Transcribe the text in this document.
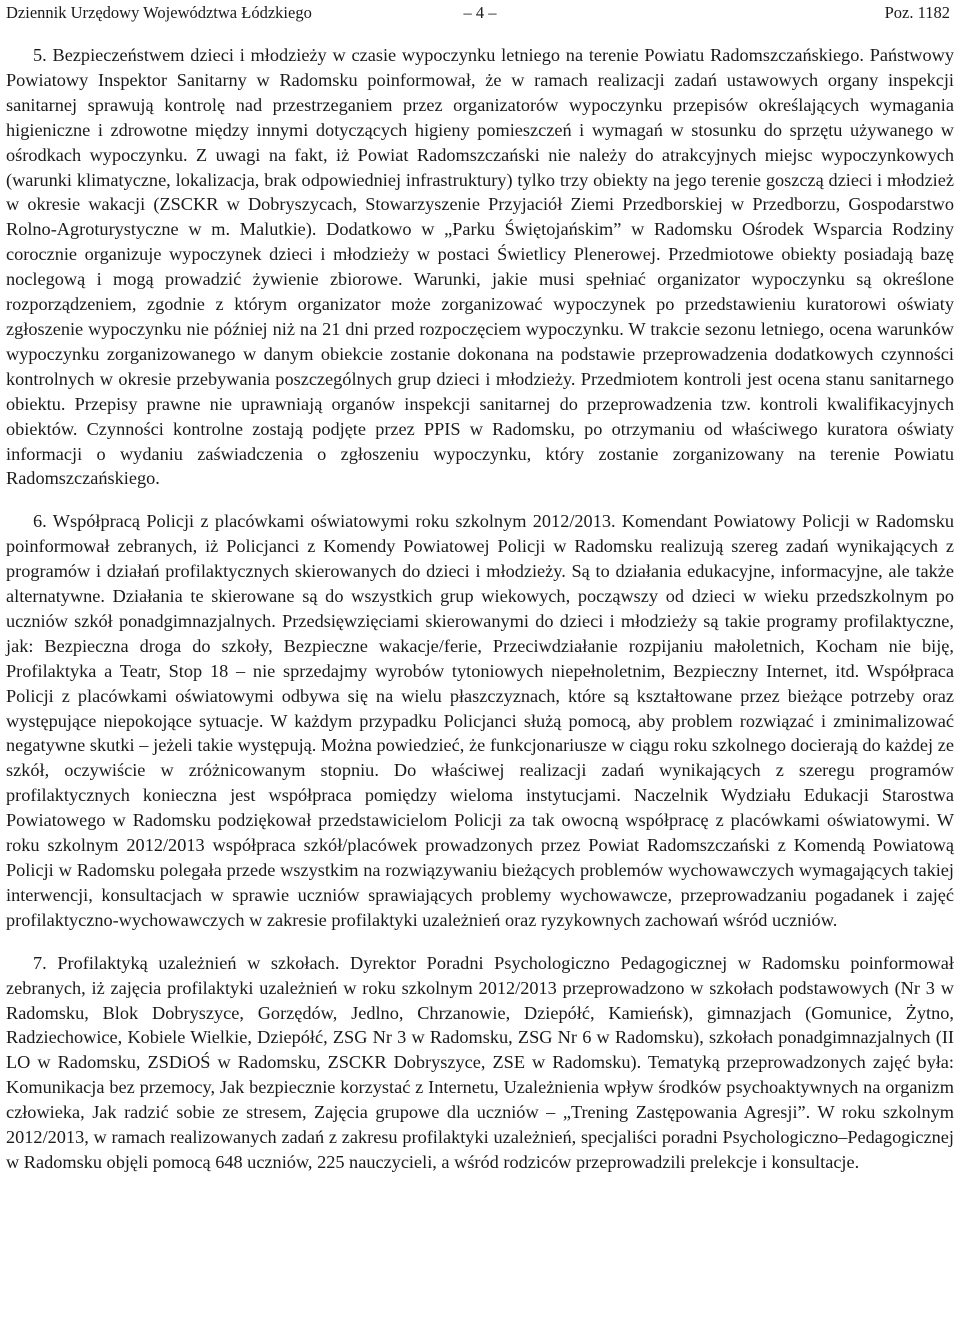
Dziennik Urzędowy Województwa Łódzkiego	– 4 –	Poz. 1182

5. Bezpieczeństwem dzieci i młodzieży w czasie wypoczynku letniego na terenie Powiatu Radomszczańskiego. Państwowy Powiatowy Inspektor Sanitarny w Radomsku poinformował, że w ramach realizacji zadań ustawowych organy inspekcji sanitarnej sprawują kontrolę nad przestrzeganiem przez organizatorów wypoczynku przepisów określających wymagania higieniczne i zdrowotne między innymi dotyczących higieny pomieszczeń i wymagań w stosunku do sprzętu używanego w ośrodkach wypoczynku. Z uwagi na fakt, iż Powiat Radomszczański nie należy do atrakcyjnych miejsc wypoczynkowych (warunki klimatyczne, lokalizacja, brak odpowiedniej infrastruktury) tylko trzy obiekty na jego terenie goszczą dzieci i młodzież w okresie wakacji (ZSCKR w Dobryszycach, Stowarzyszenie Przyjaciół Ziemi Przedborskiej w Przedborzu, Gospodarstwo Rolno-Agroturystyczne w m. Malutkie). Dodatkowo w „Parku Świętojańskim” w Radomsku Ośrodek Wsparcia Rodziny corocznie organizuje wypoczynek dzieci i młodzieży w postaci Świetlicy Plenerowej. Przedmiotowe obiekty posiadają bazę noclegową i mogą prowadzić żywienie zbiorowe. Warunki, jakie musi spełniać organizator wypoczynku są określone rozporządzeniem, zgodnie z którym organizator może zorganizować wypoczynek po przedstawieniu kuratorowi oświaty zgłoszenie wypoczynku nie później niż na 21 dni przed rozpoczęciem wypoczynku. W trakcie sezonu letniego, ocena warunków wypoczynku zorganizowanego w danym obiekcie zostanie dokonana na podstawie przeprowadzenia dodatkowych czynności kontrolnych w okresie przebywania poszczególnych grup dzieci i młodzieży. Przedmiotem kontroli jest ocena stanu sanitarnego obiektu. Przepisy prawne nie uprawniają organów inspekcji sanitarnej do przeprowadzenia tzw. kontroli kwalifikacyjnych obiektów. Czynności kontrolne zostają podjęte przez PPIS w Radomsku, po otrzymaniu od właściwego kuratora oświaty informacji o wydaniu zaświadczenia o zgłoszeniu wypoczynku, który zostanie zorganizowany na terenie Powiatu Radomszczańskiego.

6. Współpracą Policji z placówkami oświatowymi roku szkolnym 2012/2013. Komendant Powiatowy Policji w Radomsku poinformował zebranych, iż Policjanci z Komendy Powiatowej Policji w Radomsku realizują szereg zadań wynikających z programów i działań profilaktycznych skierowanych do dzieci i młodzieży. Są to działania edukacyjne, informacyjne, ale także alternatywne. Działania te skierowane są do wszystkich grup wiekowych, począwszy od dzieci w wieku przedszkolnym po uczniów szkół ponadgimnazjalnych. Przedsięwzięciami skierowanymi do dzieci i młodzieży są takie programy profilaktyczne, jak: Bezpieczna droga do szkoły, Bezpieczne wakacje/ferie, Przeciwdziałanie rozpijaniu małoletnich, Kocham nie biję, Profilaktyka a Teatr, Stop 18 – nie sprzedajmy wyrobów tytoniowych niepełnoletnim, Bezpieczny Internet, itd. Współpraca Policji z placówkami oświatowymi odbywa się na wielu płaszczyznach, które są kształtowane przez bieżące potrzeby oraz występujące niepokojące sytuacje. W każdym przypadku Policjanci służą pomocą, aby problem rozwiązać i zminimalizować negatywne skutki – jeżeli takie występują. Można powiedzieć, że funkcjonariusze w ciągu roku szkolnego docierają do każdej ze szkół, oczywiście w zróżnicowanym stopniu. Do właściwej realizacji zadań wynikających z szeregu programów profilaktycznych konieczna jest współpraca pomiędzy wieloma instytucjami. Naczelnik Wydziału Edukacji Starostwa Powiatowego w Radomsku podziękował przedstawicielom Policji za tak owocną współpracę z placówkami oświatowymi. W roku szkolnym 2012/2013 współpraca szkół/placówek prowadzonych przez Powiat Radomszczański z Komendą Powiatową Policji w Radomsku polegała przede wszystkim na rozwiązywaniu bieżących problemów wychowawczych wymagających takiej interwencji, konsultacjach w sprawie uczniów sprawiających problemy wychowawcze, przeprowadzaniu pogadanek i zajęć profilaktyczno-wychowawczych w zakresie profilaktyki uzależnień oraz ryzykownych zachowań wśród uczniów.

7. Profilaktyką uzależnień w szkołach. Dyrektor Poradni Psychologiczno Pedagogicznej w Radomsku poinformował zebranych, iż zajęcia profilaktyki uzależnień w roku szkolnym 2012/2013 przeprowadzono w szkołach podstawowych (Nr 3 w Radomsku, Blok Dobryszyce, Gorzędów, Jedlno, Chrzanowie, Dziepółć, Kamieńsk), gimnazjach (Gomunice, Żytno, Radziechowice, Kobiele Wielkie, Dziepółć, ZSG Nr 3 w Radomsku, ZSG Nr 6 w Radomsku), szkołach ponadgimnazjalnych (II LO w Radomsku, ZSDiOŚ w Radomsku, ZSCKR Dobryszyce, ZSE w Radomsku). Tematyką przeprowadzonych zajęć była: Komunikacja bez przemocy, Jak bezpiecznie korzystać z Internetu, Uzależnienia wpływ środków psychoaktywnych na organizm człowieka, Jak radzić sobie ze stresem, Zajęcia grupowe dla uczniów – „Trening Zastępowania Agresji”. W roku szkolnym 2012/2013, w ramach realizowanych zadań z zakresu profilaktyki uzależnień, specjaliści poradni Psychologiczno–Pedagogicznej w Radomsku objęli pomocą 648 uczniów, 225 nauczycieli, a wśród rodziców przeprowadzili prelekcje i konsultacje.
